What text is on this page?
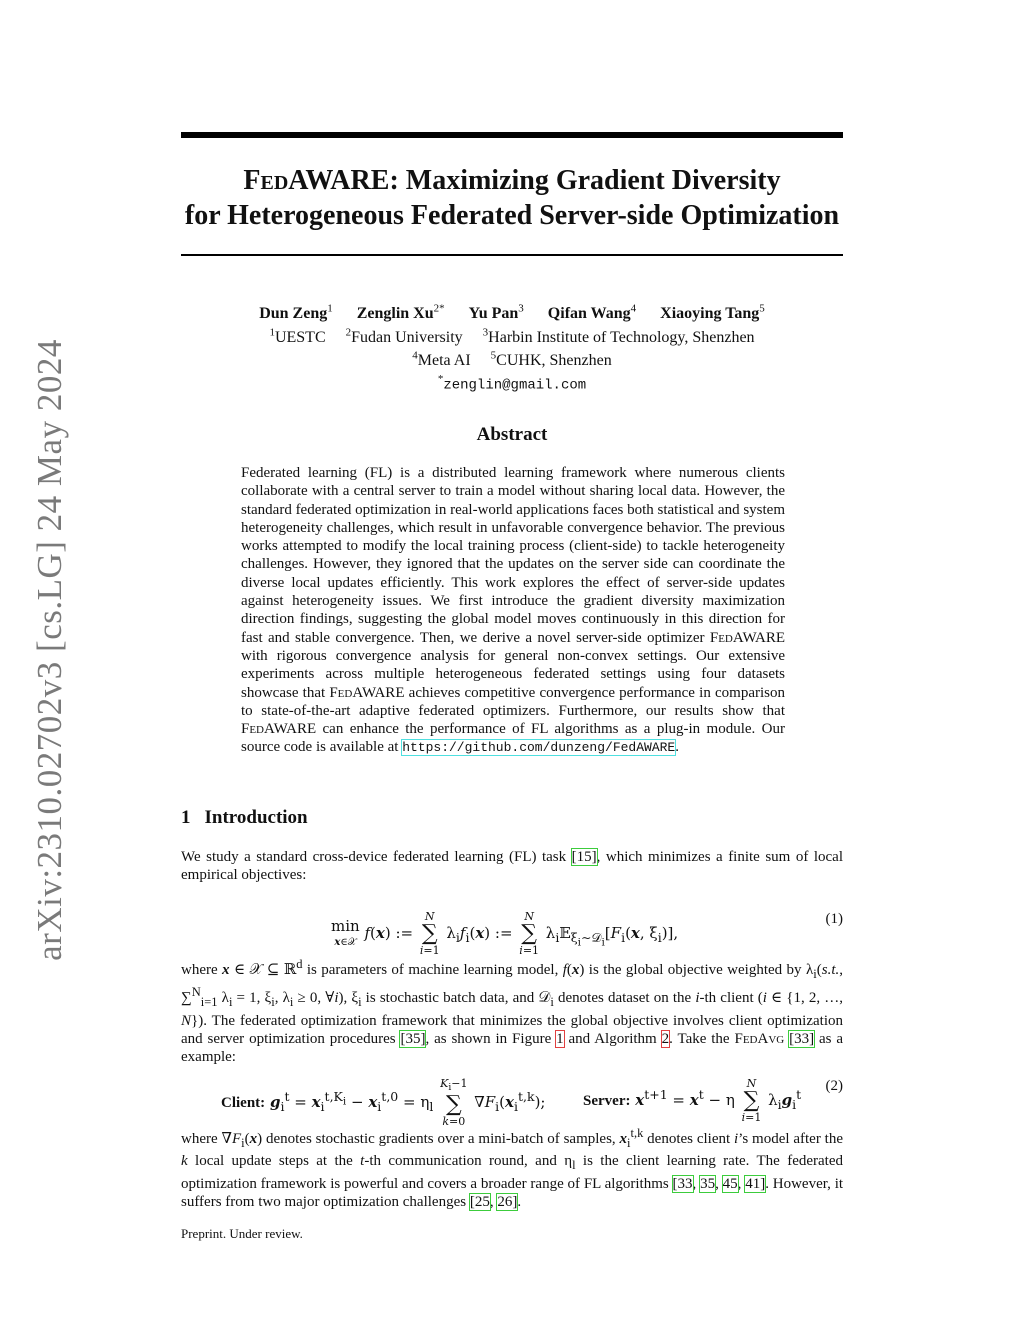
arXiv:2310.02702v3 [cs.LG] 24 May 2024
FedAWARE: Maximizing Gradient Diversity
for Heterogeneous Federated Server-side Optimization
Dun Zeng$^1$ Zenglin $Xu^{2*}$ Yu Pan$^3$ Qifan Wang$^4$ Xiaoying Tang$^5$
$^1$UESTC $^2$Fudan University $^3$Harbin Institute of Technology, Shenzhen
$^4$Meta AI $^5$CUHK, Shenzhen
*zenglin@gmail.com
Abstract
Federated learning (FL) is a distributed learning framework where numerous clients collaborate with a central server to train a model without sharing local data. However, the standard federated optimization in real-world applications faces both statistical and system heterogeneity challenges, which result in unfavorable convergence behavior. The previous works attempted to modify the local training process (client-side) to tackle heterogeneity challenges. However, they ignored that the updates on the server side can coordinate the diverse local updates efficiently. This work explores the effect of server-side updates against heterogeneity issues. We first introduce the gradient diversity maximization direction findings, suggesting the global model moves continuously in this direction for fast and stable convergence. Then, we derive a novel server-side optimizer FedAWARE with rigorous convergence analysis for general non-convex settings. Our extensive experiments across multiple heterogeneous federated settings using four datasets showcase that FedAWARE achieves competitive convergence performance in comparison to state-of-the-art adaptive federated optimizers. Furthermore, our results show that FedAWARE can enhance the performance of FL algorithms as a plug-in module. Our source code is available at https://github.com/dunzeng/FedAWARE.
1 Introduction
We study a standard cross-device federated learning (FL) task [15], which minimizes a finite sum of local empirical objectives:
min
x∈𝒳 f(x) := N
∑
i=1 $\lambda_if_i(x)$ := N
∑
i=1 $\lambda_i𝔼_{\xi_i\sim 𝒟_i}[F_i(x$, $\xi_i$)],
(1)
where x ∈ 𝒳 ⊆ ℝ$^d$ is parameters of machine learning model, f(x) is the global objective weighted by $\lambda_i(s.t$., ∑$^N_{i=1}$ $\lambda_i = 1$, $\xi_i$, $\lambda_i \ge 0$, ∀i), $\xi_i$ is stochastic batch data, and 𝒟$_i$ denotes dataset on the i-th client (i ∈ {1, 2, …, N}). The federated optimization framework that minimizes the global objective involves client optimization and server optimization procedures [35], as shown in Figure 1 and Algorithm 2. Take the FedAvg [33] as a example:
Client: $g_i^t = x_i^{t,K_i} - x_i^{t,0} = \eta_l$ $K_i-1$
∑
k=0 $\nabla F_i(x_i^{t,k})$;	Server: $x^{t+1} = x^t - \eta$ N
∑
i=1 $\lambda_ig_i^t$
(2)
where $\nabla F_i(x)$ denotes stochastic gradients over a mini-batch of samples, $x_i^{t,k}$ denotes client i’s model after the k local update steps at the t-th communication round, and $\eta_l$ is the client learning rate. The federated optimization framework is powerful and covers a broader range of FL algorithms [33, 35, 45, 41]. However, it suffers from two major optimization challenges [25, 26].
Preprint. Under review.
